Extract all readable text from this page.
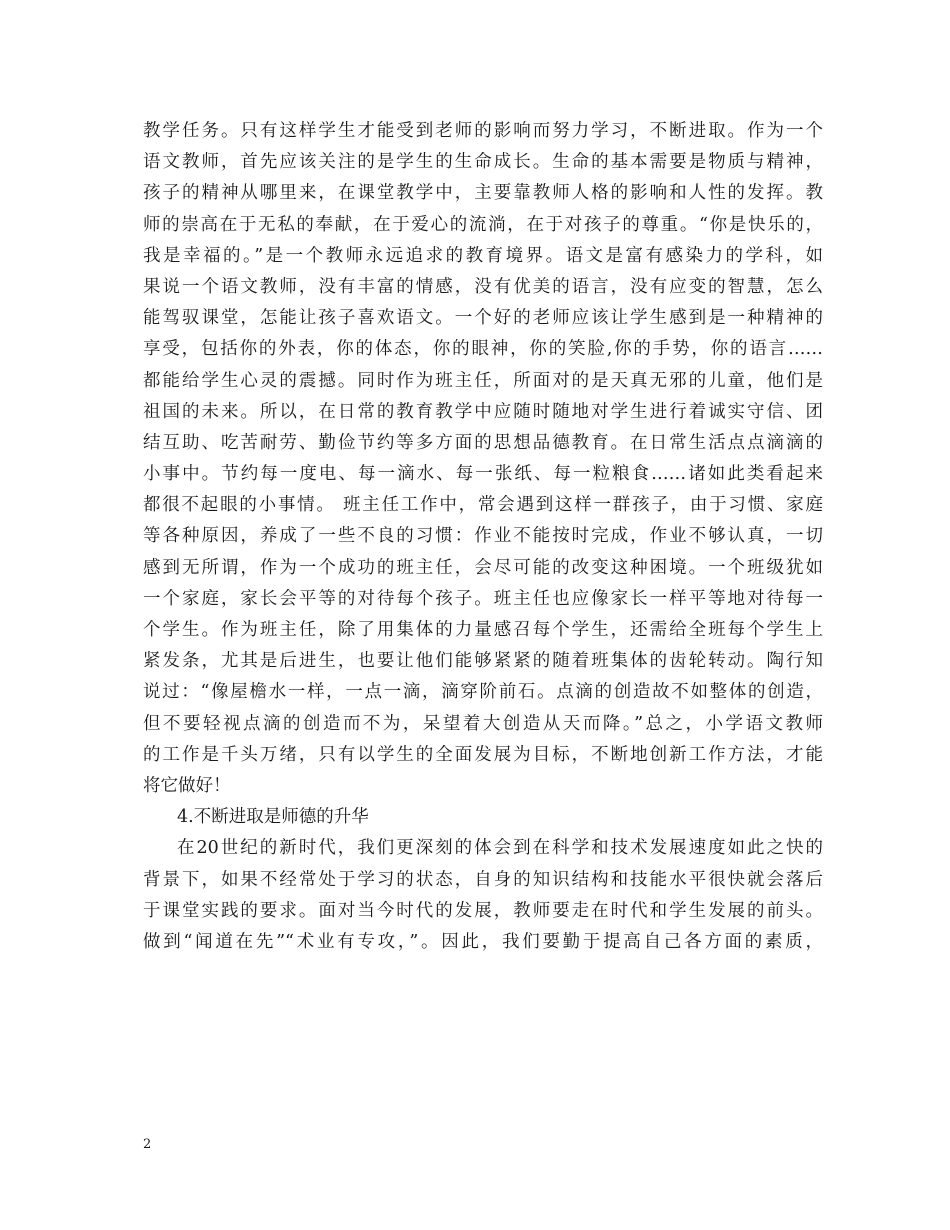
教学任务。只有这样学生才能受到老师的影响而努力学习，不断进取。作为一个
语文教师，首先应该关注的是学生的生命成长。生命的基本需要是物质与精神，
孩子的精神从哪里来，在课堂教学中，主要靠教师人格的影响和人性的发挥。教
师的崇高在于无私的奉献，在于爱心的流淌，在于对孩子的尊重。“你是快乐的，
我是幸福的。”是一个教师永远追求的教育境界。语文是富有感染力的学科，如
果说一个语文教师，没有丰富的情感，没有优美的语言，没有应变的智慧，怎么
能驾驭课堂，怎能让孩子喜欢语文。一个好的老师应该让学生感到是一种精神的
享受，包括你的外表，你的体态，你的眼神，你的笑脸,你的手势，你的语言……
都能给学生心灵的震撼。同时作为班主任，所面对的是天真无邪的儿童，他们是
祖国的未来。所以，在日常的教育教学中应随时随地对学生进行着诚实守信、团
结互助、吃苦耐劳、勤俭节约等多方面的思想品德教育。在日常生活点点滴滴的
小事中。节约每一度电、每一滴水、每一张纸、每一粒粮食……诸如此类看起来
都很不起眼的小事情。 班主任工作中，常会遇到这样一群孩子，由于习惯、家庭
等各种原因，养成了一些不良的习惯：作业不能按时完成，作业不够认真，一切
感到无所谓，作为一个成功的班主任，会尽可能的改变这种困境。一个班级犹如
一个家庭，家长会平等的对待每个孩子。班主任也应像家长一样平等地对待每一
个学生。作为班主任，除了用集体的力量感召每个学生，还需给全班每个学生上
紧发条，尤其是后进生，也要让他们能够紧紧的随着班集体的齿轮转动。陶行知
说过：“像屋檐水一样，一点一滴，滴穿阶前石。点滴的创造故不如整体的创造，
但不要轻视点滴的创造而不为，呆望着大创造从天而降。”总之，小学语文教师
的工作是千头万绪，只有以学生的全面发展为目标，不断地创新工作方法，才能
将它做好！
4.不断进取是师德的升华
在20世纪的新时代，我们更深刻的体会到在科学和技术发展速度如此之快的
背景下，如果不经常处于学习的状态，自身的知识结构和技能水平很快就会落后
于课堂实践的要求。面对当今时代的发展，教师要走在时代和学生发展的前头。
做到“闻道在先”“术业有专攻，”。因此，我们要勤于提高自己各方面的素质，
2
